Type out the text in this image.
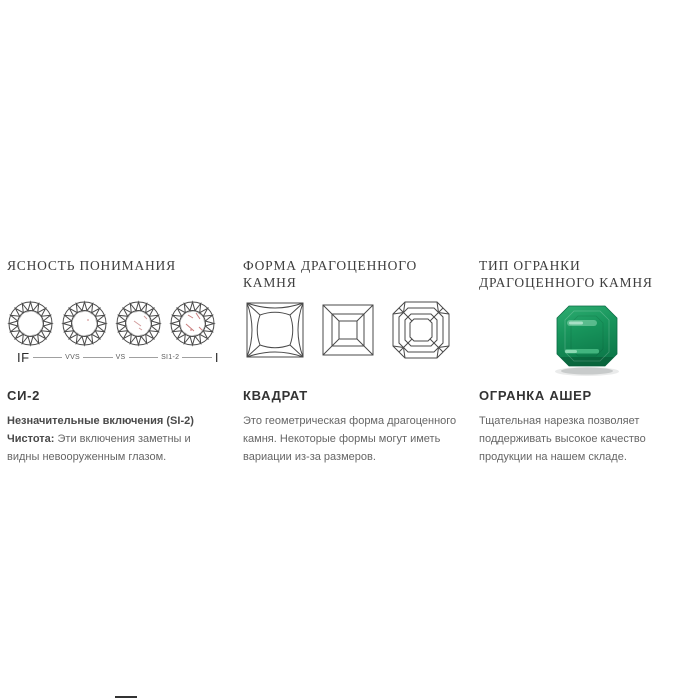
ЯСНОСТЬ ПОНИМАНИЯ
IF	VVS	VS	SI1-2	I
СИ-2

Незначительные включения (SI-2) Чистота: Эти включения заметны и видны невооруженным глазом.

ФОРМА ДРАГОЦЕННОГО КАМНЯ
КВАДРАТ

Это геометрическая форма драгоценного камня. Некоторые формы могут иметь вариации из-за размеров.

ТИП ОГРАНКИ ДРАГОЦЕННОГО КАМНЯ
ОГРАНКА АШЕР

Тщательная нарезка позволяет поддерживать высокое качество продукции на нашем складе.
